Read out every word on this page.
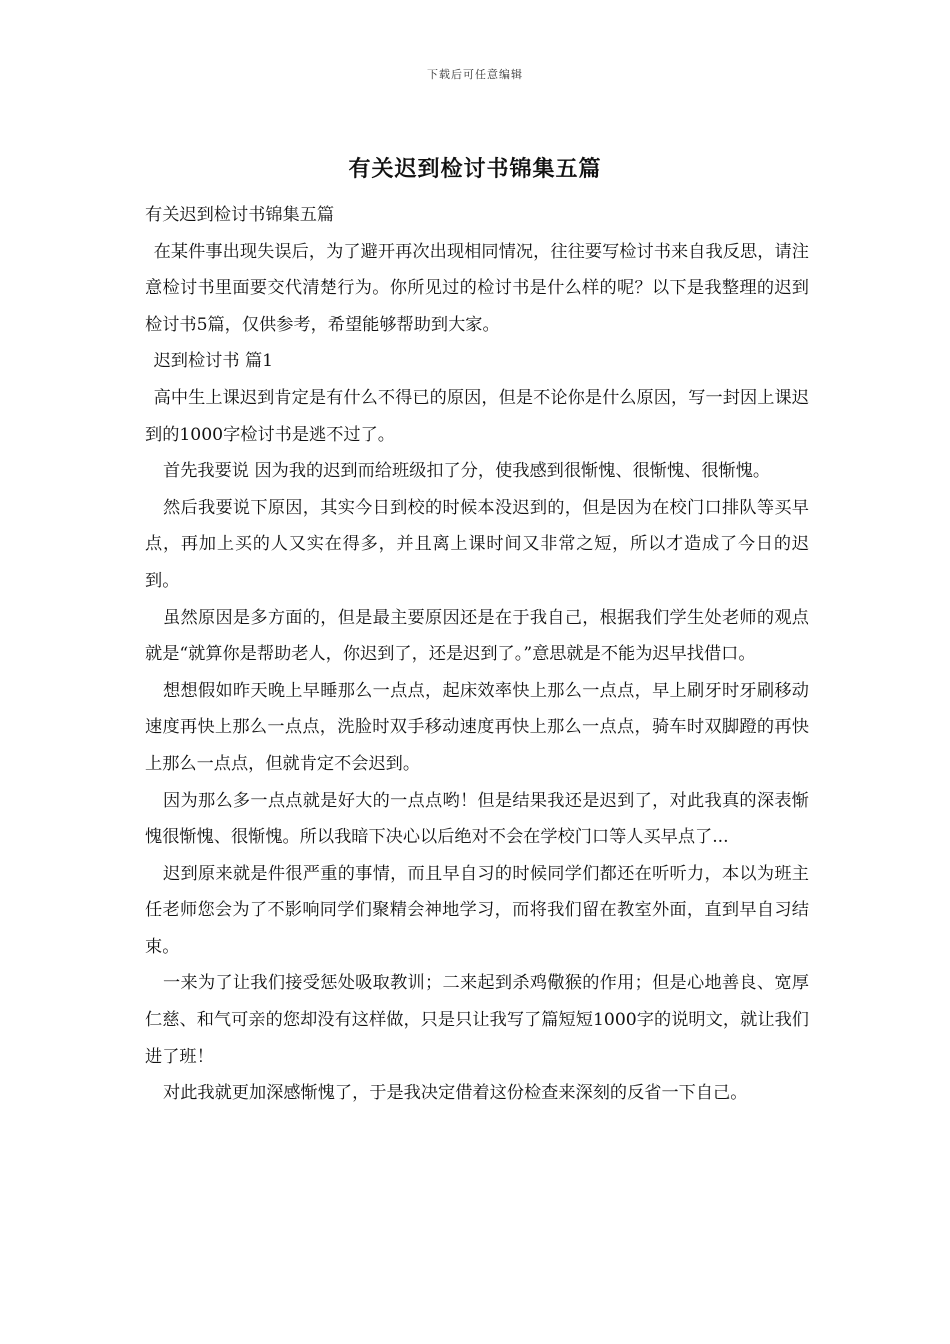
下载后可任意编辑
有关迟到检讨书锦集五篇

有关迟到检讨书锦集五篇

在某件事出现失误后，为了避开再次出现相同情况，往往要写检讨书来自我反思，请注意检讨书里面要交代清楚行为。你所见过的检讨书是什么样的呢？以下是我整理的迟到检讨书5篇，仅供参考，希望能够帮助到大家。

迟到检讨书 篇1

高中生上课迟到肯定是有什么不得已的原因，但是不论你是什么原因，写一封因上课迟到的1000字检讨书是逃不过了。

首先我要说 因为我的迟到而给班级扣了分，使我感到很惭愧、很惭愧、很惭愧。

然后我要说下原因，其实今日到校的时候本没迟到的，但是因为在校门口排队等买早点，再加上买的人又实在得多，并且离上课时间又非常之短，所以才造成了今日的迟到。

虽然原因是多方面的，但是最主要原因还是在于我自己，根据我们学生处老师的观点就是“就算你是帮助老人，你迟到了，还是迟到了。”意思就是不能为迟早找借口。

想想假如昨天晚上早睡那么一点点，起床效率快上那么一点点，早上刷牙时牙刷移动速度再快上那么一点点，洗脸时双手移动速度再快上那么一点点，骑车时双脚蹬的再快上那么一点点，但就肯定不会迟到。

因为那么多一点点就是好大的一点点哟！但是结果我还是迟到了，对此我真的深表惭愧很惭愧、很惭愧。所以我暗下决心以后绝对不会在学校门口等人买早点了...

迟到原来就是件很严重的事情，而且早自习的时候同学们都还在听听力，本以为班主任老师您会为了不影响同学们聚精会神地学习，而将我们留在教室外面，直到早自习结束。

一来为了让我们接受惩处吸取教训；二来起到杀鸡儆猴的作用；但是心地善良、宽厚仁慈、和气可亲的您却没有这样做，只是只让我写了篇短短1000字的说明文，就让我们进了班！

对此我就更加深感惭愧了，于是我决定借着这份检查来深刻的反省一下自己。
